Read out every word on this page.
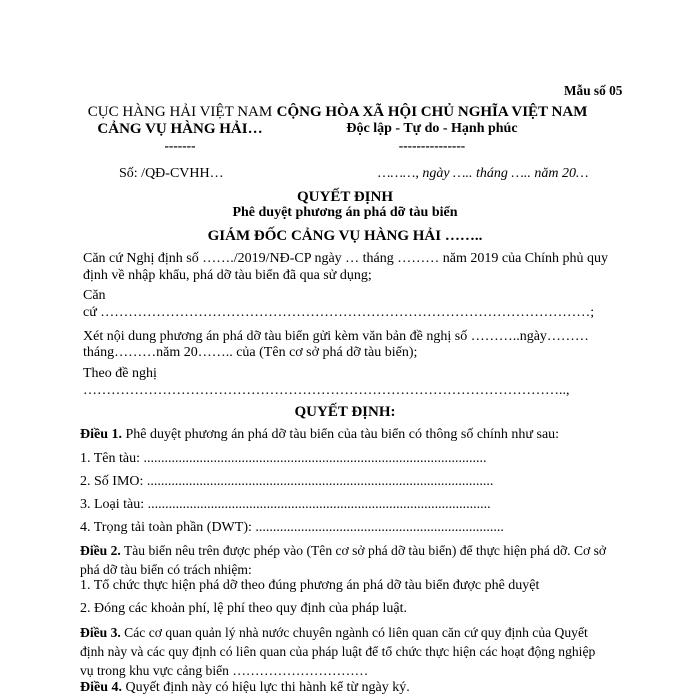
Mẫu số 05
CỤC HÀNG HẢI VIỆT NAM
CẢNG VỤ HÀNG HẢI…
-------
CỘNG HÒA XÃ HỘI CHỦ NGHĨA VIỆT NAM
Độc lập - Tự do - Hạnh phúc
---------------
Số: /QĐ-CVHH…	………, ngày ….. tháng ….. năm 20…
QUYẾT ĐỊNH
Phê duyệt phương án phá dỡ tàu biển
GIÁM ĐỐC CẢNG VỤ HÀNG HẢI ……..
Căn cứ Nghị định số ……./2019/NĐ-CP ngày … tháng ……… năm 2019 của Chính phủ quy
định về nhập khẩu, phá dỡ tàu biển đã qua sử dụng;
Căn
cứ ……………………………………………………………………………………………;
Xét nội dung phương án phá dỡ tàu biển gửi kèm văn bản đề nghị số ………..ngày………
tháng………năm 20…….. của (Tên cơ sở phá dỡ tàu biển);
Theo đề nghị
…………………………………………………………………………………………..,
QUYẾT ĐỊNH:
Điều 1. Phê duyệt phương án phá dỡ tàu biển của tàu biển có thông số chính như sau:
1. Tên tàu: ..................................................................................................
2. Số IMO: ...................................................................................................
3. Loại tàu: ..................................................................................................
4. Trọng tải toàn phần (DWT): .......................................................................
Điều 2. Tàu biển nêu trên được phép vào (Tên cơ sở phá dỡ tàu biển) để thực hiện phá dỡ. Cơ sở phá dỡ tàu biển có trách nhiệm:
1. Tổ chức thực hiện phá dỡ theo đúng phương án phá dỡ tàu biển được phê duyệt
2. Đóng các khoản phí, lệ phí theo quy định của pháp luật.
Điều 3. Các cơ quan quản lý nhà nước chuyên ngành có liên quan căn cứ quy định của Quyết định này và các quy định có liên quan của pháp luật để tổ chức thực hiện các hoạt động nghiệp vụ trong khu vực cảng biển …………………………
Điều 4. Quyết định này có hiệu lực thi hành kể từ ngày ký.
